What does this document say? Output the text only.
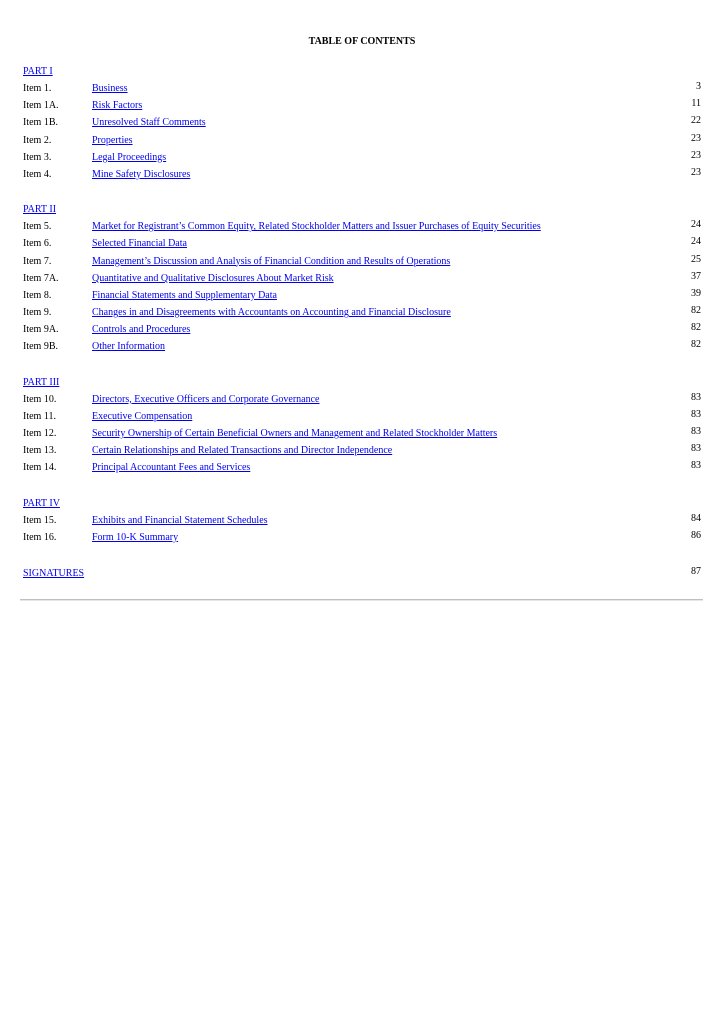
TABLE OF CONTENTS
PART I
Item 1.	Business	3
Item 1A.	Risk Factors	11
Item 1B.	Unresolved Staff Comments	22
Item 2.	Properties	23
Item 3.	Legal Proceedings	23
Item 4.	Mine Safety Disclosures	23
PART II
Item 5.	Market for Registrant’s Common Equity, Related Stockholder Matters and Issuer Purchases of Equity Securities	24
Item 6.	Selected Financial Data	24
Item 7.	Management’s Discussion and Analysis of Financial Condition and Results of Operations	25
Item 7A.	Quantitative and Qualitative Disclosures About Market Risk	37
Item 8.	Financial Statements and Supplementary Data	39
Item 9.	Changes in and Disagreements with Accountants on Accounting and Financial Disclosure	82
Item 9A.	Controls and Procedures	82
Item 9B.	Other Information	82
PART III
Item 10.	Directors, Executive Officers and Corporate Governance	83
Item 11.	Executive Compensation	83
Item 12.	Security Ownership of Certain Beneficial Owners and Management and Related Stockholder Matters	83
Item 13.	Certain Relationships and Related Transactions and Director Independence	83
Item 14.	Principal Accountant Fees and Services	83
PART IV
Item 15.	Exhibits and Financial Statement Schedules	84
Item 16.	Form 10-K Summary	86
SIGNATURES	87
